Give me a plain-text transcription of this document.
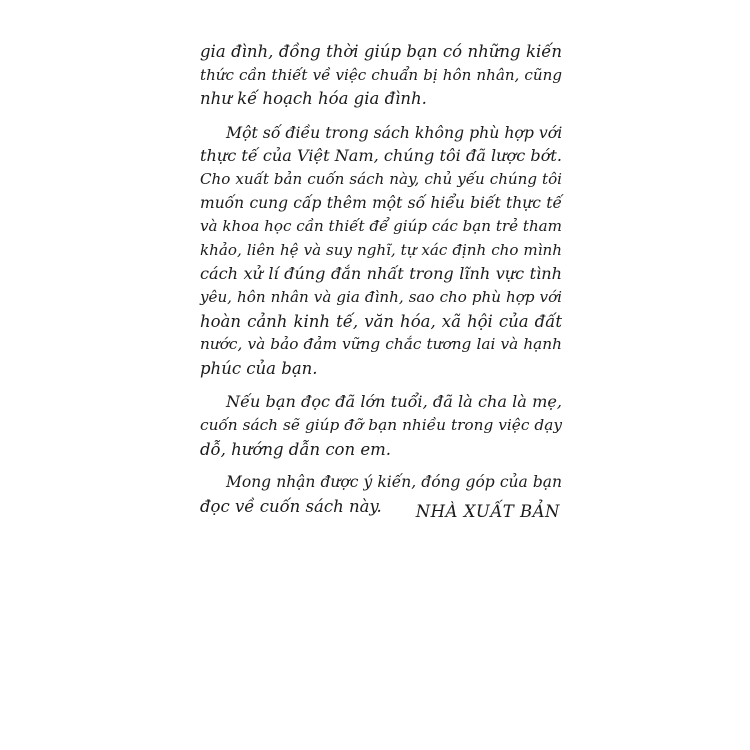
gia đình, đồng thời giúp bạn có những kiến
thức cần thiết về việc chuẩn bị hôn nhân, cũng
như kế hoạch hóa gia đình.
Một số điều trong sách không phù hợp với
thực tế của Việt Nam, chúng tôi đã lược bớt.
Cho xuất bản cuốn sách này, chủ yếu chúng tôi
muốn cung cấp thêm một số hiểu biết thực tế
và khoa học cần thiết để giúp các bạn trẻ tham
khảo, liên hệ và suy nghĩ, tự xác định cho mình
cách xử lí đúng đắn nhất trong lĩnh vực tình
yêu, hôn nhân và gia đình, sao cho phù hợp với
hoàn cảnh kinh tế, văn hóa, xã hội của đất
nước, và bảo đảm vững chắc tương lai và hạnh
phúc của bạn.
Nếu bạn đọc đã lớn tuổi, đã là cha là mẹ,
cuốn sách sẽ giúp đỡ bạn nhiều trong việc dạy
dỗ, hướng dẫn con em.
Mong nhận được ý kiến, đóng góp của bạn
đọc về cuốn sách này.	NHÀ XUẤT BẢN
